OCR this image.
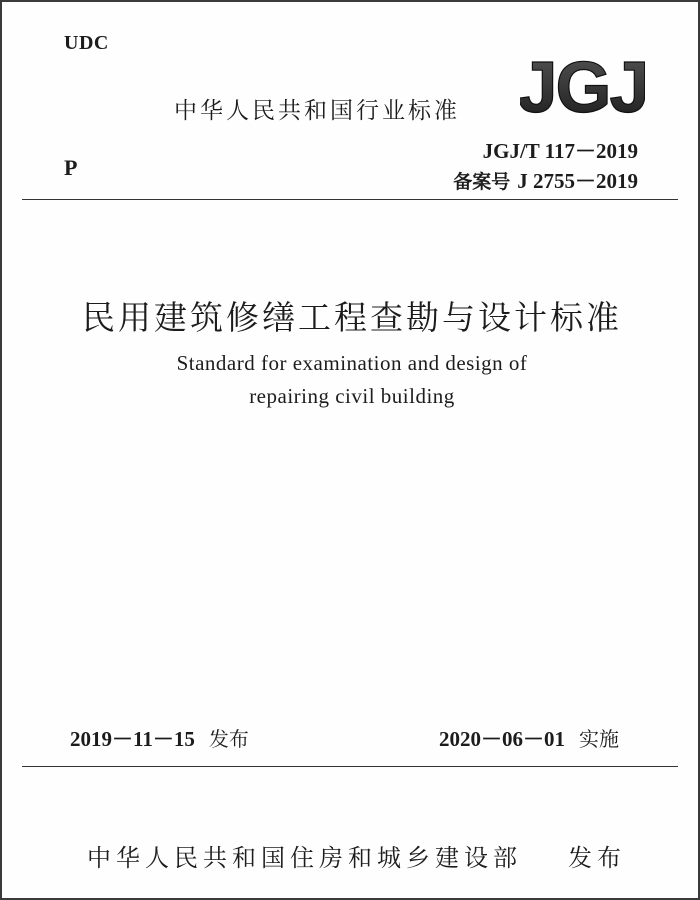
UDC
中华人民共和国行业标准 JGJ
JGJ/T 117－2019
备案号 J 2755－2019
P
民用建筑修缮工程查勘与设计标准
Standard for examination and design of
repairing civil building
2019－11－15 发布	2020－06－01 实施
中华人民共和国住房和城乡建设部 发布
